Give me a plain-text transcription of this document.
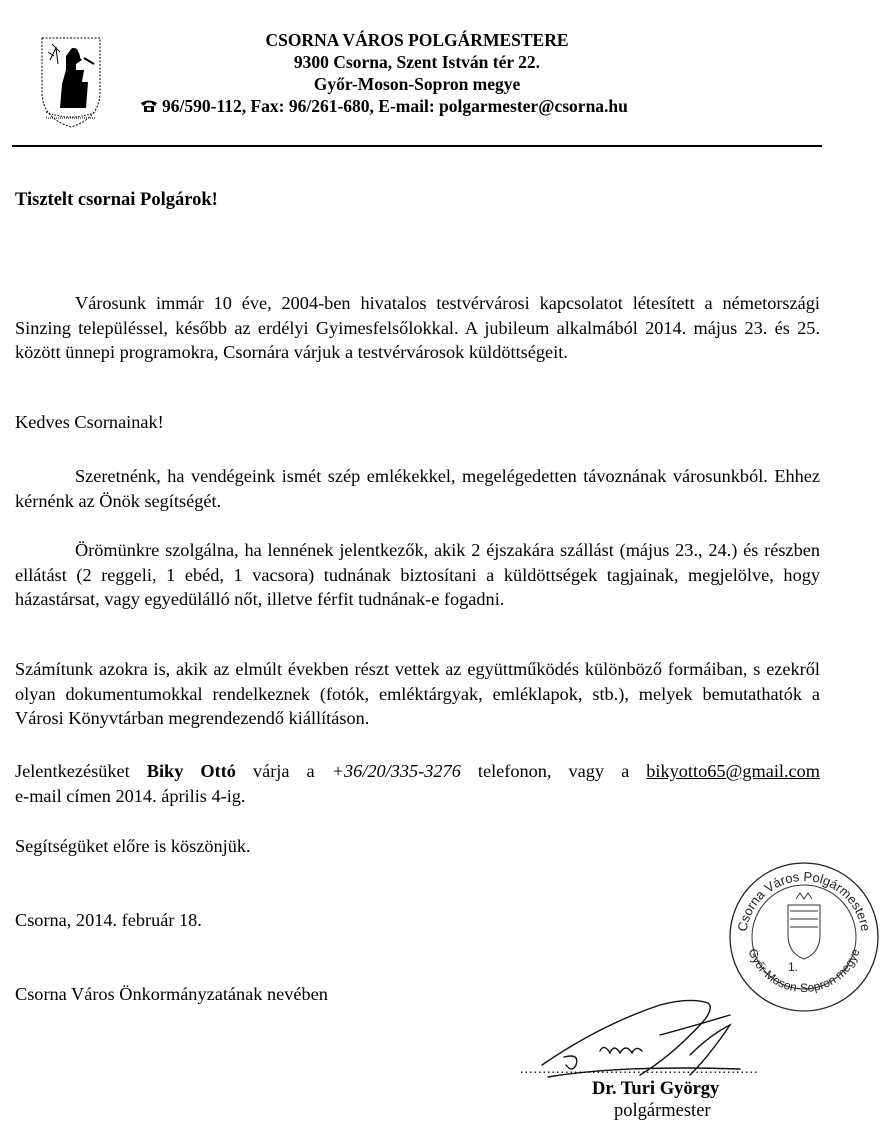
CSORNA VÁROS POLGÁRMESTERE
9300 Csorna, Szent István tér 22.
Győr-Moson-Sopron megye
96/590-112, Fax: 96/261-680, E-mail: polgarmester@csorna.hu
Tisztelt csornai Polgárok!
Városunk immár 10 éve, 2004-ben hivatalos testvérvárosi kapcsolatot létesített a németországi Sinzing településsel, később az erdélyi Gyimesfelsőlokkal. A jubileum alkalmából 2014. május 23. és 25. között ünnepi programokra, Csornára várjuk a testvérvárosok küldöttségeit.
Kedves Csornainak!
Szeretnénk, ha vendégeink ismét szép emlékekkel, megelégedetten távoznának városunkból. Ehhez kérnénk az Önök segítségét.
Örömünkre szolgálna, ha lennének jelentkezők, akik 2 éjszakára szállást (május 23., 24.) és részben ellátást (2 reggeli, 1 ebéd, 1 vacsora) tudnának biztosítani a küldöttségek tagjainak, megjelölve, hogy házastársat, vagy egyedülálló nőt, illetve férfit tudnának-e fogadni.
Számítunk azokra is, akik az elmúlt években részt vettek az együttműködés különböző formáiban, s ezekről olyan dokumentumokkal rendelkeznek (fotók, emléktárgyak, emléklapok, stb.), melyek bemutathatók a Városi Könyvtárban megrendezendő kiállításon.
Jelentkezésüket Biky Ottó várja a +36/20/335-3276 telefonon, vagy a bikyotto65@gmail.com
e-mail címen 2014. április 4-ig.
Segítségüket előre is köszönjük.
Csorna, 2014. február 18.
Csorna Város Önkormányzatának nevében
Csorna Város Polgármestere
Győr-Moson-Sopron megye
1.
.....................................................
Dr. Turi György
polgármester
